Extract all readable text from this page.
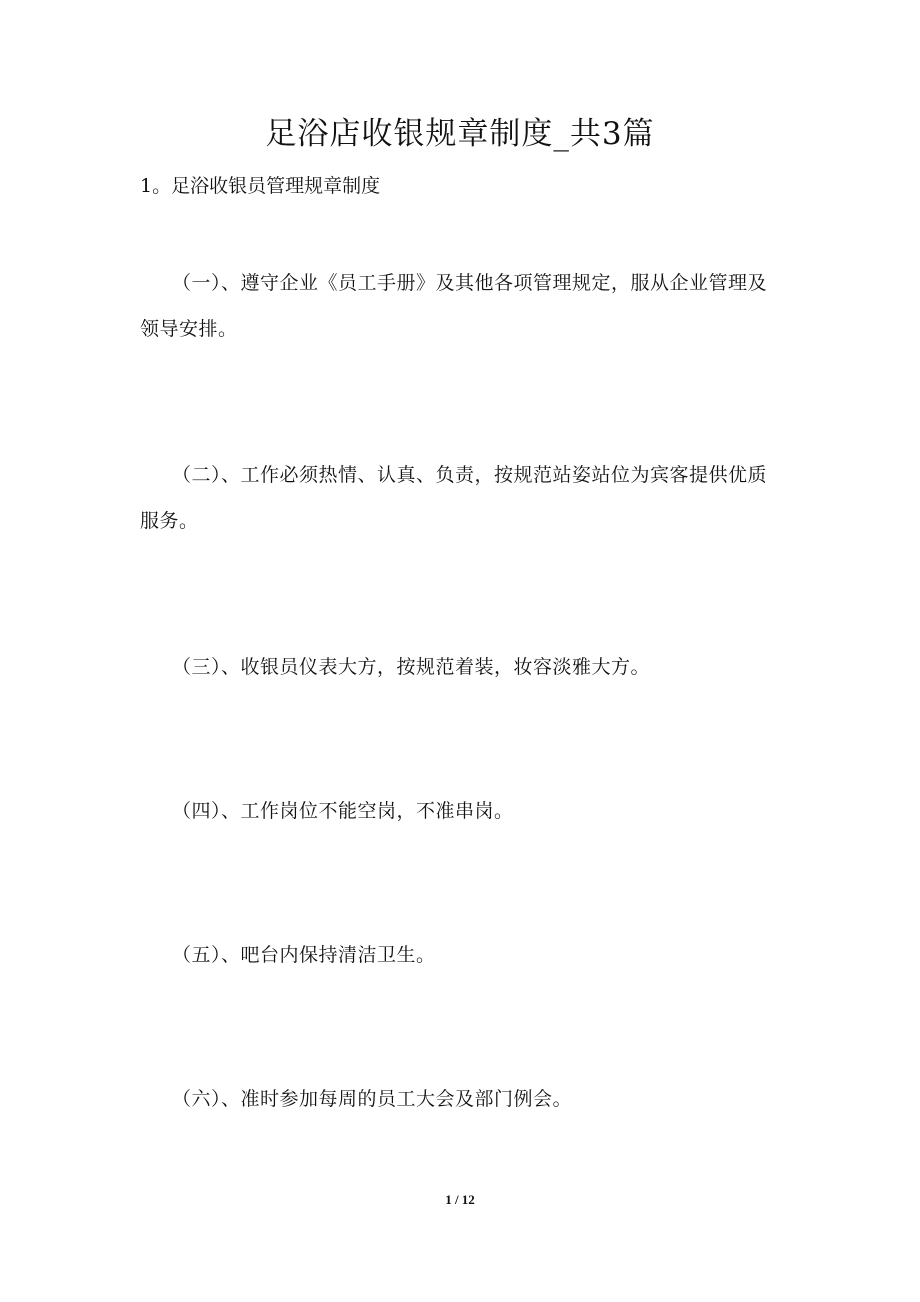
足浴店收银规章制度_共3篇
1。足浴收银员管理规章制度

（一）、遵守企业《员工手册》及其他各项管理规定，服从企业管理及领导安排。

（二）、工作必须热情、认真、负责，按规范站姿站位为宾客提供优质服务。

（三）、收银员仪表大方，按规范着装，妆容淡雅大方。

（四）、工作岗位不能空岗，不准串岗。

（五）、吧台内保持清洁卫生。

（六）、准时参加每周的员工大会及部门例会。

1 / 12
